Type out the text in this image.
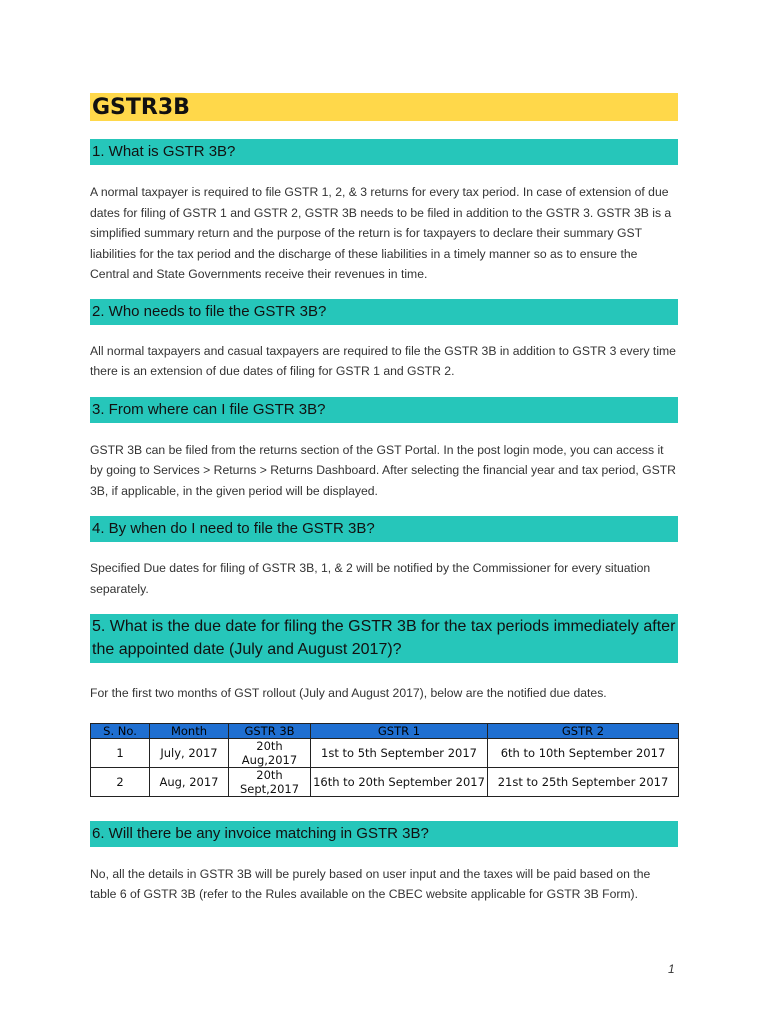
GSTR3B
1. What is GSTR 3B?

A normal taxpayer is required to file GSTR 1, 2, & 3 returns for every tax period. In case of extension of due dates for filing of GSTR 1 and GSTR 2, GSTR 3B needs to be filed in addition to the GSTR 3. GSTR 3B is a simplified summary return and the purpose of the return is for taxpayers to declare their summary GST liabilities for the tax period and the discharge of these liabilities in a timely manner so as to ensure the Central and State Governments receive their revenues in time.

2. Who needs to file the GSTR 3B?

All normal taxpayers and casual taxpayers are required to file the GSTR 3B in addition to GSTR 3 every time there is an extension of due dates of filing for GSTR 1 and GSTR 2.

3. From where can I file GSTR 3B?

GSTR 3B can be filed from the returns section of the GST Portal. In the post login mode, you can access it by going to Services > Returns > Returns Dashboard. After selecting the financial year and tax period, GSTR 3B, if applicable, in the given period will be displayed.

4. By when do I need to file the GSTR 3B?

Specified Due dates for filing of GSTR 3B, 1, & 2 will be notified by the Commissioner for every situation separately.

5. What is the due date for filing the GSTR 3B for the tax periods immediately after the appointed date (July and August 2017)?

For the first two months of GST rollout (July and August 2017), below are the notified due dates.

S. No.	Month	GSTR 3B	GSTR 1	GSTR 2
1	July, 2017	20th Aug,2017	1st to 5th September 2017	6th to 10th September 2017
2	Aug, 2017	20th Sept,2017	16th to 20th September 2017	21st to 25th September 2017
6. Will there be any invoice matching in GSTR 3B?

No, all the details in GSTR 3B will be purely based on user input and the taxes will be paid based on the table 6 of GSTR 3B (refer to the Rules available on the CBEC website applicable for GSTR 3B Form).

1
